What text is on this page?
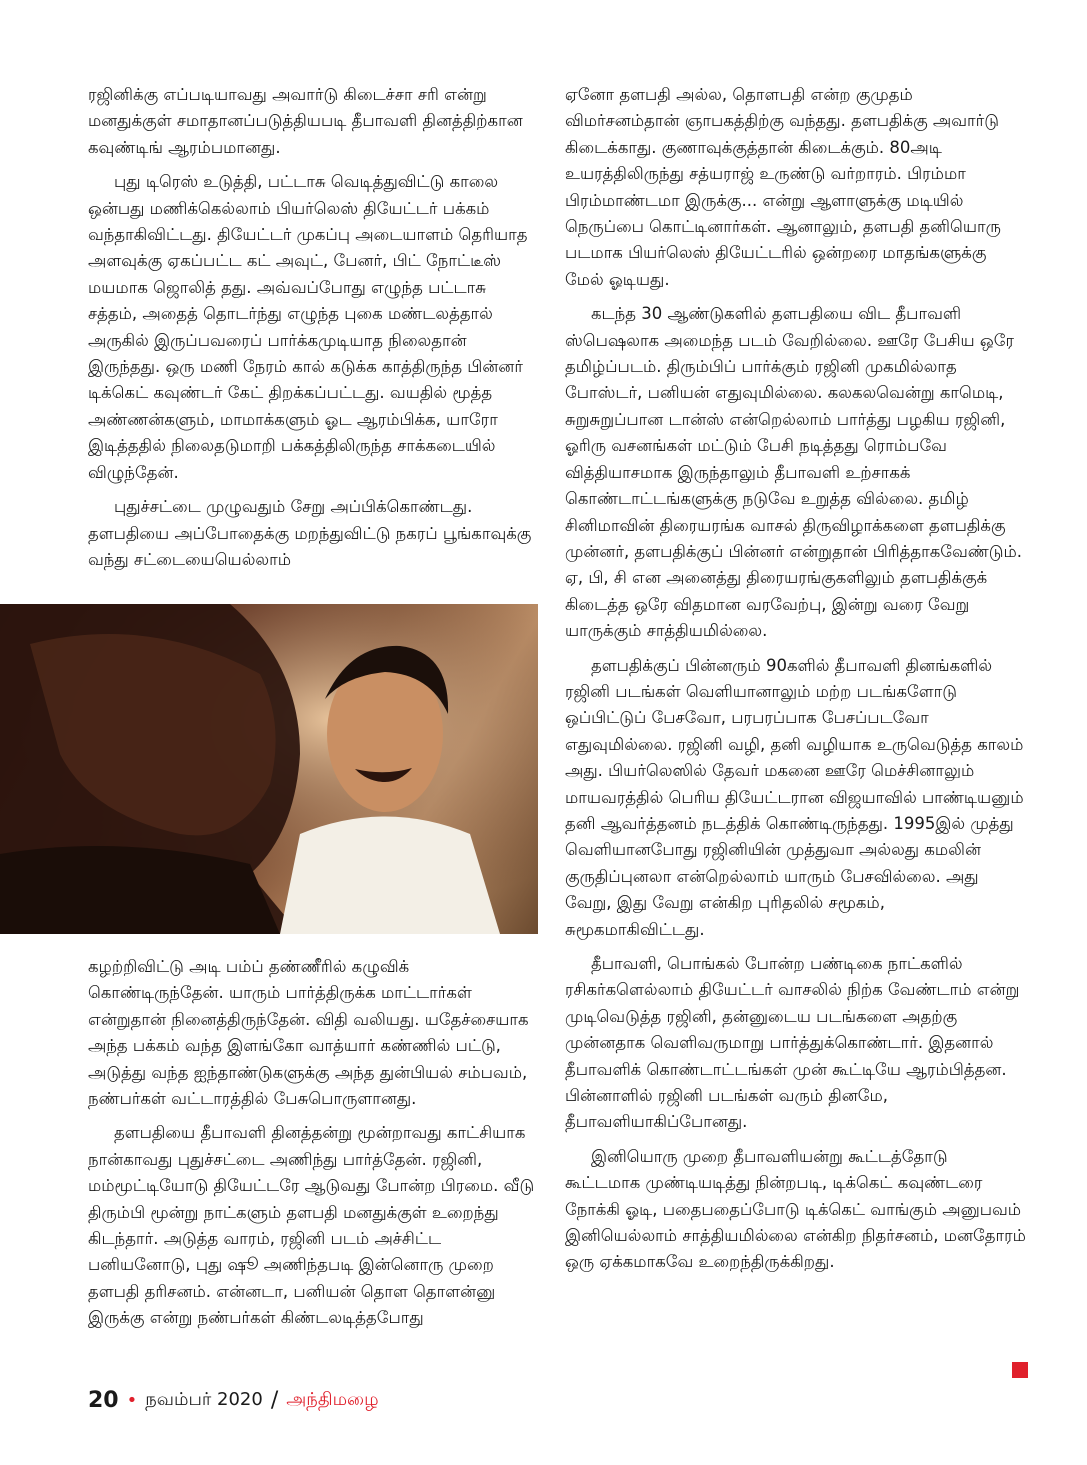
ரஜினிக்கு எப்படியாவது அவார்டு கிடைச்சா சரி என்று மனதுக்குள் சமாதானப்படுத்தியபடி தீபாவளி தினத்திற்கான கவுண்டிங் ஆரம்பமானது.

புது டிரெஸ் உடுத்தி, பட்டாசு வெடித்துவிட்டு காலை ஒன்பது மணிக்கெல்லாம் பியர்லெஸ் தியேட்டர் பக்கம் வந்தாகிவிட்டது. தியேட்டர் முகப்பு அடையாளம் தெரியாத அளவுக்கு ஏகப்பட்ட கட் அவுட், பேனர், பிட் நோட்டீஸ் மயமாக ஜொலித் தது. அவ்வப்போது எழுந்த பட்டாசு சத்தம், அதைத் தொடர்ந்து எழுந்த புகை மண்டலத்தால் அருகில் இருப்பவரைப் பார்க்கமுடியாத நிலைதான் இருந்தது. ஒரு மணி நேரம் கால் கடுக்க காத்திருந்த பின்னர் டிக்கெட் கவுண்டர் கேட் திறக்கப்பட்டது. வயதில் மூத்த அண்ணன்களும், மாமாக்களும் ஓட ஆரம்பிக்க, யாரோ இடித்ததில் நிலைதடுமாறி பக்கத்திலிருந்த சாக்கடையில் விழுந்தேன்.

புதுச்சட்டை முழுவதும் சேறு அப்பிக்கொண்டது. தளபதியை அப்போதைக்கு மறந்துவிட்டு நகரப் பூங்காவுக்கு வந்து சட்டையையெல்லாம்

கழற்றிவிட்டு அடி பம்ப் தண்ணீரில் கழுவிக் கொண்டிருந்தேன். யாரும் பார்த்திருக்க மாட்டார்கள் என்றுதான் நினைத்திருந்தேன். விதி வலியது. யதேச்சையாக அந்த பக்கம் வந்த இளங்கோ வாத்யார் கண்ணில் பட்டு, அடுத்து வந்த ஐந்தாண்டுகளுக்கு அந்த துன்பியல் சம்பவம், நண்பர்கள் வட்டாரத்தில் பேசுபொருளானது.

தளபதியை தீபாவளி தினத்தன்று மூன்றாவது காட்சியாக நான்காவது புதுச்சட்டை அணிந்து பார்த்தேன். ரஜினி, மம்மூட்டியோடு தியேட்டரே ஆடுவது போன்ற பிரமை. வீடு திரும்பி மூன்று நாட்களும் தளபதி மனதுக்குள் உறைந்து கிடந்தார். அடுத்த வாரம், ரஜினி படம் அச்சிட்ட பனியனோடு, புது ஷூ அணிந்தபடி இன்னொரு முறை தளபதி தரிசனம். என்னடா, பனியன் தொள தொளன்னு இருக்கு என்று நண்பர்கள் கிண்டலடித்தபோது

ஏனோ தளபதி அல்ல, தொளபதி என்ற குமுதம் விமர்சனம்தான் ஞாபகத்திற்கு வந்தது. தளபதிக்கு அவார்டு கிடைக்காது. குணாவுக்குத்தான் கிடைக்கும். 80அடி உயரத்திலிருந்து சத்யராஜ் உருண்டு வர்றாரம். பிரம்மா பிரம்மாண்டமா இருக்கு... என்று ஆளாளுக்கு மடியில் நெருப்பை கொட்டினார்கள். ஆனாலும், தளபதி தனியொரு படமாக பியர்லெஸ் தியேட்டரில் ஒன்றரை மாதங்களுக்கு மேல் ஓடியது.

கடந்த 30 ஆண்டுகளில் தளபதியை விட தீபாவளி ஸ்பெஷலாக அமைந்த படம் வேறில்லை. ஊரே பேசிய ஒரே தமிழ்ப்படம். திரும்பிப் பார்க்கும் ரஜினி முகமில்லாத போஸ்டர், பனியன் எதுவுமில்லை. கலகலவென்று காமெடி, சுறுசுறுப்பான டான்ஸ் என்றெல்லாம் பார்த்து பழகிய ரஜினி, ஓரிரு வசனங்கள் மட்டும் பேசி நடித்தது ரொம்பவே வித்தியாசமாக இருந்தாலும் தீபாவளி உற்சாகக் கொண்டாட்டங்களுக்கு நடுவே உறுத்த வில்லை. தமிழ் சினிமாவின் திரையரங்க வாசல் திருவிழாக்களை தளபதிக்கு முன்னர், தளபதிக்குப் பின்னர் என்றுதான் பிரித்தாகவேண்டும். ஏ, பி, சி என அனைத்து திரையரங்குகளிலும் தளபதிக்குக் கிடைத்த ஒரே விதமான வரவேற்பு, இன்று வரை வேறு யாருக்கும் சாத்தியமில்லை.

தளபதிக்குப் பின்னரும் 90களில் தீபாவளி தினங்களில் ரஜினி படங்கள் வெளியானாலும் மற்ற படங்களோடு ஒப்பிட்டுப் பேசவோ, பரபரப்பாக பேசப்படவோ எதுவுமில்லை. ரஜினி வழி, தனி வழியாக உருவெடுத்த காலம் அது. பியர்லெஸில் தேவர் மகனை ஊரே மெச்சினாலும் மாயவரத்தில் பெரிய தியேட்டரான விஜயாவில் பாண்டியனும் தனி ஆவர்த்தனம் நடத்திக் கொண்டிருந்தது. 1995இல் முத்து வெளியானபோது ரஜினியின் முத்துவா அல்லது கமலின் குருதிப்புனலா என்றெல்லாம் யாரும் பேசவில்லை. அது வேறு, இது வேறு என்கிற புரிதலில் சமூகம், சுமூகமாகிவிட்டது.

தீபாவளி, பொங்கல் போன்ற பண்டிகை நாட்களில் ரசிகர்களெல்லாம் தியேட்டர் வாசலில் நிற்க வேண்டாம் என்று முடிவெடுத்த ரஜினி, தன்னுடைய படங்களை அதற்கு முன்னதாக வெளிவருமாறு பார்த்துக்கொண்டார். இதனால் தீபாவளிக் கொண்டாட்டங்கள் முன் கூட்டியே ஆரம்பித்தன. பின்னாளில் ரஜினி படங்கள் வரும் தினமே, தீபாவளியாகிப்போனது.

இனியொரு முறை தீபாவளியன்று கூட்டத்தோடு கூட்டமாக முண்டியடித்து நின்றபடி, டிக்கெட் கவுண்டரை நோக்கி ஓடி, பதைபதைப்போடு டிக்கெட் வாங்கும் அனுபவம் இனியெல்லாம் சாத்தியமில்லை என்கிற நிதர்சனம், மனதோரம் ஒரு ஏக்கமாகவே உறைந்திருக்கிறது.

20 • நவம்பர் 2020 / அந்திமழை
